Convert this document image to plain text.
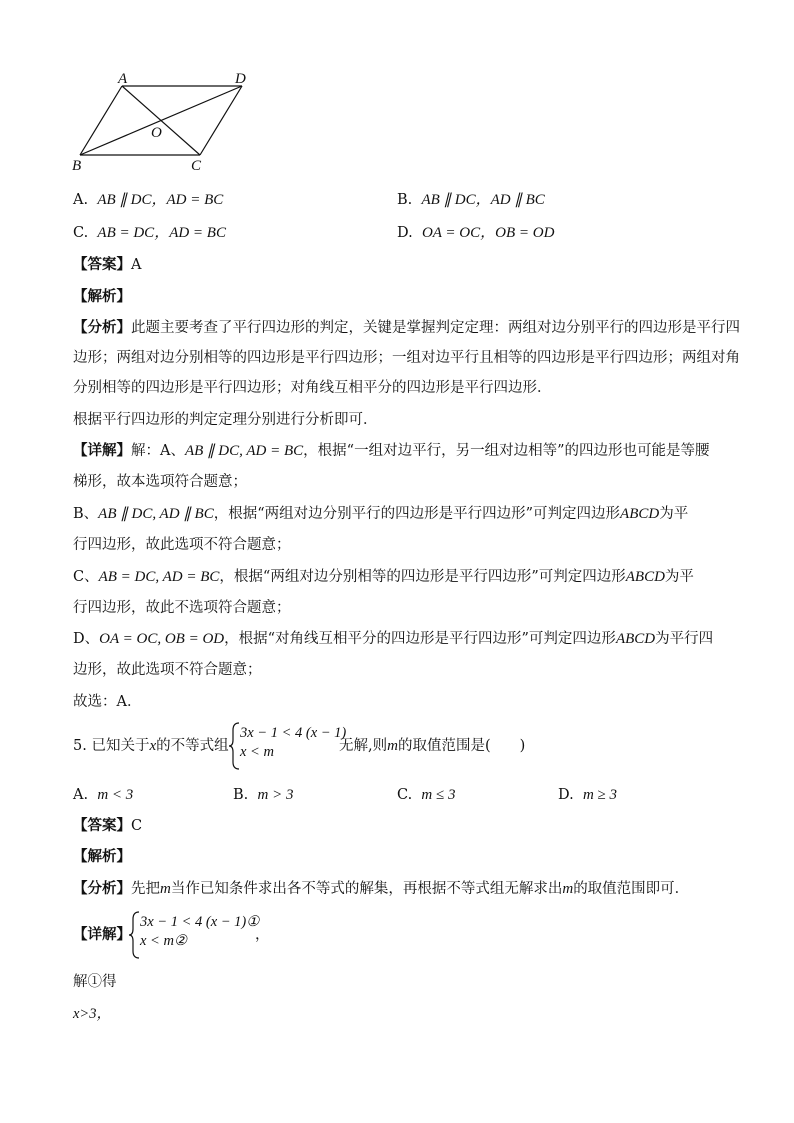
A	D
O
B	C
A. AB ∥ DC，AD = BC	B. AB ∥ DC，AD ∥ BC
C. AB = DC，AD = BC	D. OA = OC，OB = OD
【答案】A
【解析】
【分析】此题主要考查了平行四边形的判定，关键是掌握判定定理：两组对边分别平行的四边形是平行四
边形；两组对边分别相等的四边形是平行四边形；一组对边平行且相等的四边形是平行四边形；两组对角
分别相等的四边形是平行四边形；对角线互相平分的四边形是平行四边形．
根据平行四边形的判定定理分别进行分析即可．
【详解】解：A、AB ∥ DC, AD = BC，根据“一组对边平行，另一组对边相等”的四边形也可能是等腰
梯形，故本选项符合题意；
B、AB ∥ DC, AD ∥ BC，根据“两组对边分别平行的四边形是平行四边形”可判定四边形ABCD为平
行四边形，故此选项不符合题意；
C、AB = DC, AD = BC，根据“两组对边分别相等的四边形是平行四边形”可判定四边形ABCD为平
行四边形，故此不选项符合题意；
D、OA = OC, OB = OD，根据“对角线互相平分的四边形是平行四边形”可判定四边形ABCD为平行四
边形，故此选项不符合题意；
故选：A．
5. 已知关于x的不等式组
3x − 1 < 4 (x − 1)
x < m	无解,则m的取值范围是(　　)
A. m < 3	B. m > 3	C. m ≤ 3	D. m ≥ 3
【答案】C
【解析】
【分析】先把m当作已知条件求出各不等式的解集，再根据不等式组无解求出m的取值范围即可．
【详解】
3x − 1 < 4 (x − 1)①
x < m②	，
解①得
x>3，
